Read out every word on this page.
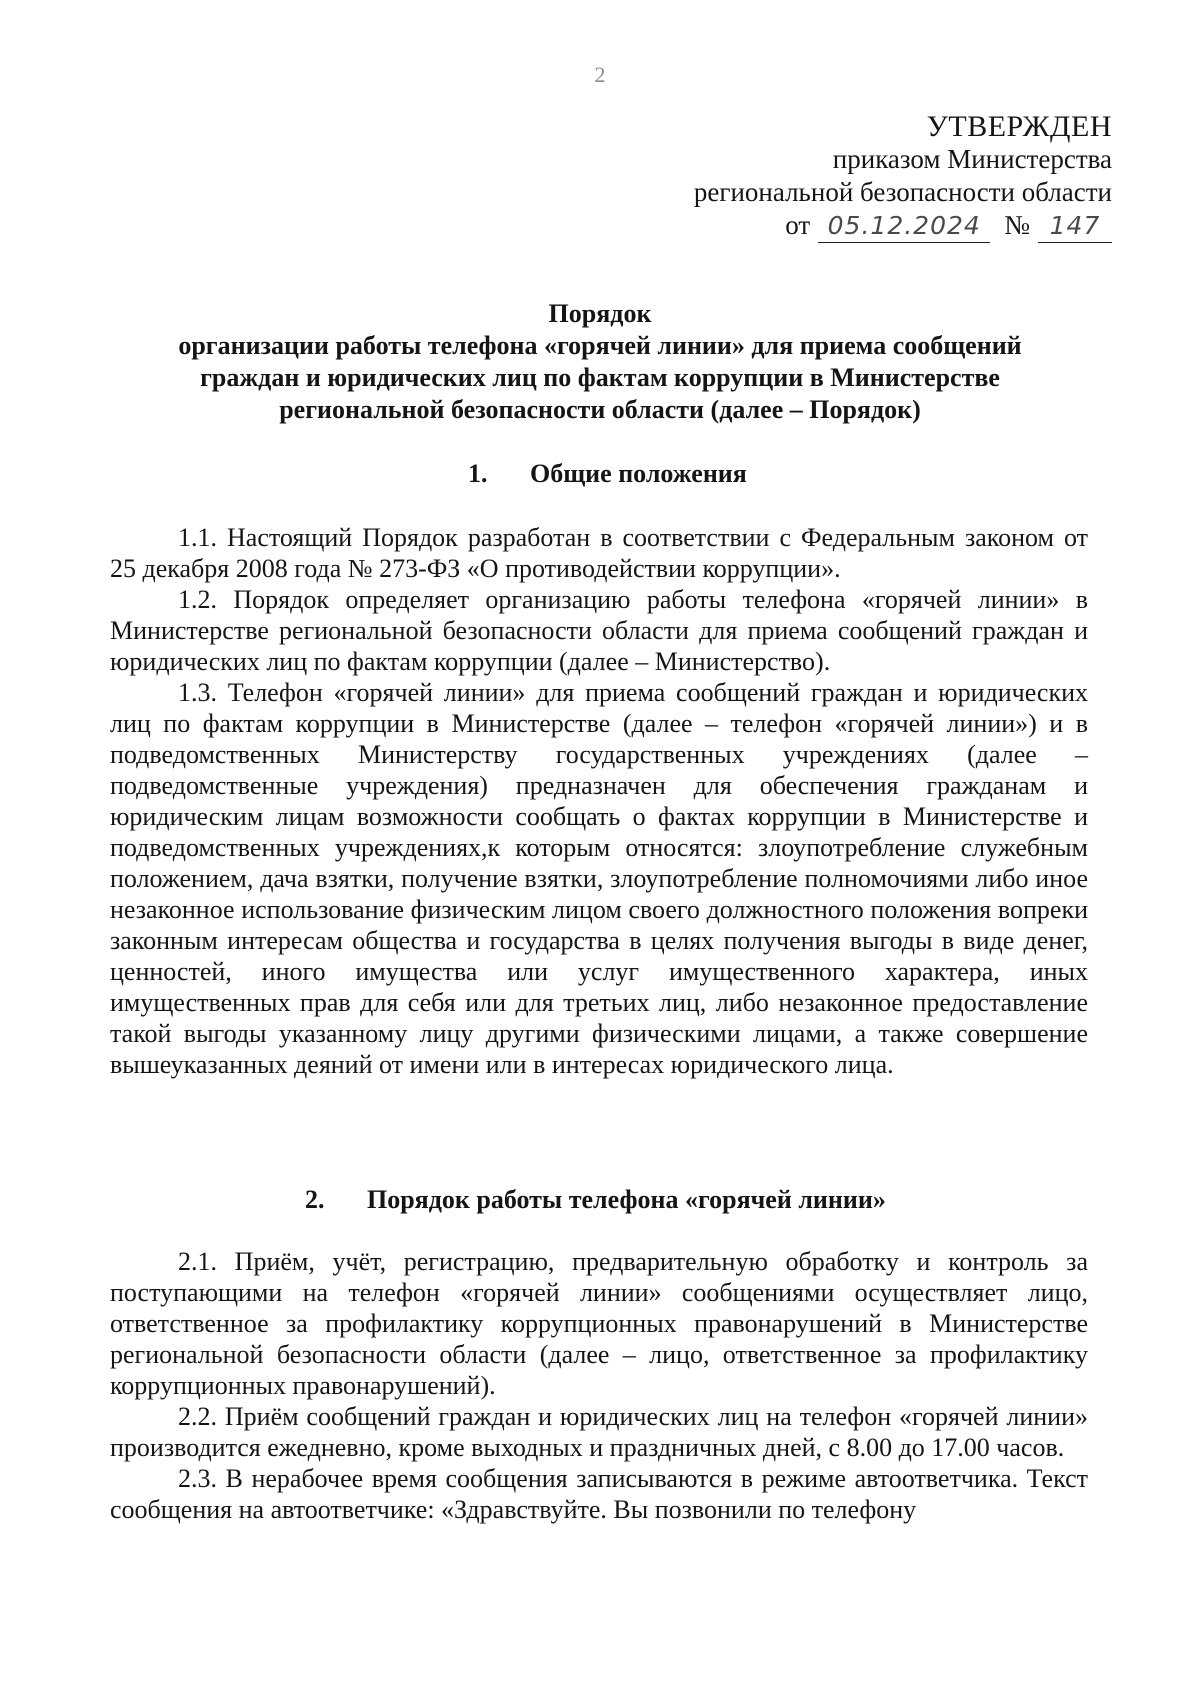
2
УТВЕРЖДЕН
приказом Министерства
региональной безопасности области
от 05.12.2024 № 147
Порядок
организации работы телефона «горячей линии» для приема сообщений
граждан и юридических лиц по фактам коррупции в Министерстве
региональной безопасности области (далее – Порядок)
1. Общие положения

1.1. Настоящий Порядок разработан в соответствии с Федеральным законом от 25 декабря 2008 года № 273-ФЗ «О противодействии коррупции».

1.2. Порядок определяет организацию работы телефона «горячей линии» в Министерстве региональной безопасности области для приема сообщений граждан и юридических лиц по фактам коррупции (далее – Министерство).

1.3. Телефон «горячей линии» для приема сообщений граждан и юридических лиц по фактам коррупции в Министерстве (далее – телефон «горячей линии») и в подведомственных Министерству государственных учреждениях (далее – подведомственные учреждения) предназначен для обеспечения гражданам и юридическим лицам возможности сообщать о фактах коррупции в Министерстве и подведомственных учреждениях,к которым относятся: злоупотребление служебным положением, дача взятки, получение взятки, злоупотребление полномочиями либо иное незаконное использование физическим лицом своего должностного положения вопреки законным интересам общества и государства в целях получения выгоды в виде денег, ценностей, иного имущества или услуг имущественного характера, иных имущественных прав для себя или для третьих лиц, либо незаконное предоставление такой выгоды указанному лицу другими физическими лицами, а также совершение вышеуказанных деяний от имени или в интересах юридического лица.

2. Порядок работы телефона «горячей линии»

2.1. Приём, учёт, регистрацию, предварительную обработку и контроль за поступающими на телефон «горячей линии» сообщениями осуществляет лицо, ответственное за профилактику коррупционных правонарушений в Министерстве региональной безопасности области (далее – лицо, ответственное за профилактику коррупционных правонарушений).

2.2. Приём сообщений граждан и юридических лиц на телефон «горячей линии» производится ежедневно, кроме выходных и праздничных дней, с 8.00 до 17.00 часов.

2.3. В нерабочее время сообщения записываются в режиме автоответчика. Текст сообщения на автоответчике: «Здравствуйте. Вы позвонили по телефону
